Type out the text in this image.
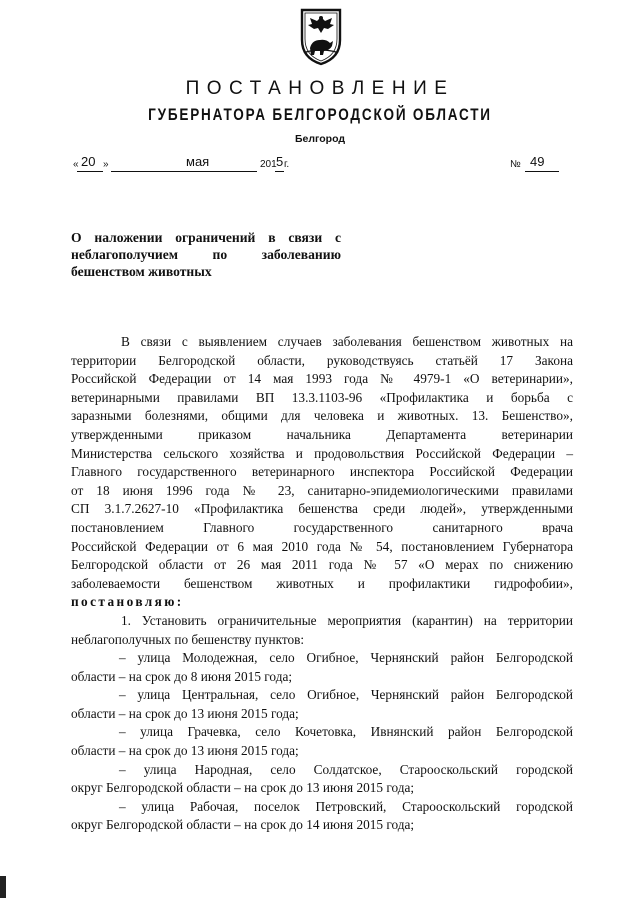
ПОСТАНОВЛЕНИЕ
ГУБЕРНАТОРА БЕЛГОРОДСКОЙ ОБЛАСТИ
Белгород
« 20 »	мая	201 5 г.	№ 49
О наложении ограничений в связи с
неблагополучием по заболеванию
бешенством животных
В связи с выявлением случаев заболевания бешенством животных на
территории Белгородской области, руководствуясь статьёй 17 Закона
Российской Федерации от 14 мая 1993 года № 4979-1 «О ветеринарии»,
ветеринарными правилами ВП 13.3.1103-96 «Профилактика и борьба с
заразными болезнями, общими для человека и животных. 13. Бешенство»,
утвержденными приказом начальника Департамента ветеринарии
Министерства сельского хозяйства и продовольствия Российской Федерации –
Главного государственного ветеринарного инспектора Российской Федерации
от 18 июня 1996 года № 23, санитарно-эпидемиологическими правилами
СП 3.1.7.2627-10 «Профилактика бешенства среди людей», утвержденными
постановлением Главного государственного санитарного врача
Российской Федерации от 6 мая 2010 года № 54, постановлением Губернатора
Белгородской области от 26 мая 2011 года № 57 «О мерах по снижению
заболеваемости бешенством животных и профилактики гидрофобии»,
постановляю:
1. Установить ограничительные мероприятия (карантин) на территории
неблагополучных по бешенству пунктов:
– улица Молодежная, село Огибное, Чернянский район Белгородской
области – на срок до 8 июня 2015 года;
– улица Центральная, село Огибное, Чернянский район Белгородской
области – на срок до 13 июня 2015 года;
– улица Грачевка, село Кочетовка, Ивнянский район Белгородской
области – на срок до 13 июня 2015 года;
– улица Народная, село Солдатское, Старооскольский городской
округ Белгородской области – на срок до 13 июня 2015 года;
– улица Рабочая, поселок Петровский, Старооскольский городской
округ Белгородской области – на срок до 14 июня 2015 года;
